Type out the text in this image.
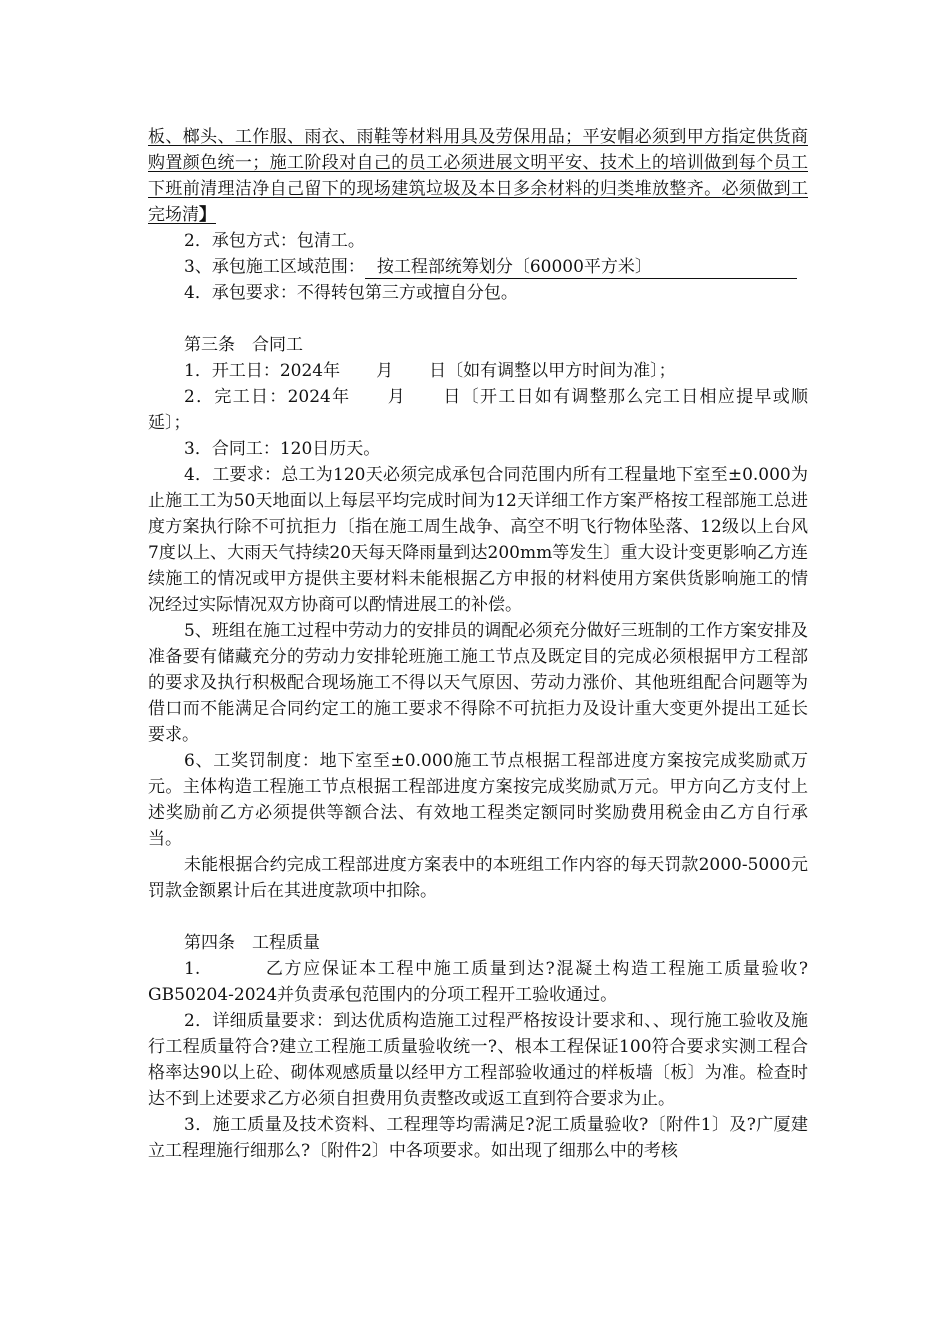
板、榔头、工作服、雨衣、雨鞋等材料用具及劳保用品；平安帽必须到甲方指定供货商购置颜色统一；施工阶段对自己的员工必须进展文明平安、技术上的培训做到每个员工下班前清理洁净自己留下的现场建筑垃圾及本日多余材料的归类堆放整齐。必须做到工完场清】

2．承包方式：包清工。

3、承包施工区域范围： 按工程部统筹划分〔60000平方米〕

4．承包要求：不得转包第三方或擅自分包。

第三条　合同工

1．开工日：2024年 月 日〔如有调整以甲方时间为准〕；

2．完工日：2024年 月 日〔开工日如有调整那么完工日相应提早或顺延〕；

3．合同工：120日历天。

4．工要求：总工为120天必须完成承包合同范围内所有工程量地下室至±0.000为止施工工为50天地面以上每层平均完成时间为12天详细工作方案严格按工程部施工总进度方案执行除不可抗拒力〔指在施工周生战争、高空不明飞行物体坠落、12级以上台风7度以上、大雨天气持续20天每天降雨量到达200mm等发生〕重大设计变更影响乙方连续施工的情况或甲方提供主要材料未能根据乙方申报的材料使用方案供货影响施工的情况经过实际情况双方协商可以酌情进展工的补偿。

5、班组在施工过程中劳动力的安排员的调配必须充分做好三班制的工作方案安排及准备要有储藏充分的劳动力安排轮班施工施工节点及既定目的完成必须根据甲方工程部的要求及执行积极配合现场施工不得以天气原因、劳动力涨价、其他班组配合问题等为借口而不能满足合同约定工的施工要求不得除不可抗拒力及设计重大变更外提出工延长要求。

6、工奖罚制度：地下室至±0.000施工节点根据工程部进度方案按完成奖励贰万元。主体构造工程施工节点根据工程部进度方案按完成奖励贰万元。甲方向乙方支付上述奖励前乙方必须提供等额合法、有效地工程类定额同时奖励费用税金由乙方自行承当。

未能根据合约完成工程部进度方案表中的本班组工作内容的每天罚款2000-5000元罚款金额累计后在其进度款项中扣除。

第四条　工程质量

1.	乙方应保证本工程中施工质量到达?混凝土构造工程施工质量验收?GB50204-2024并负责承包范围内的分项工程开工验收通过。

2．详细质量要求：到达优质构造施工过程严格按设计要求和、、现行施工验收及施行工程质量符合?建立工程施工质量验收统一?、根本工程保证100符合要求实测工程合格率达90以上砼、砌体观感质量以经甲方工程部验收通过的样板墙〔板〕为准。检查时达不到上述要求乙方必须自担费用负责整改或返工直到符合要求为止。

3．施工质量及技术资料、工程理等均需满足?泥工质量验收?〔附件1〕及?广厦建立工程理施行细那么?〔附件2〕中各项要求。如出现了细那么中的考核
